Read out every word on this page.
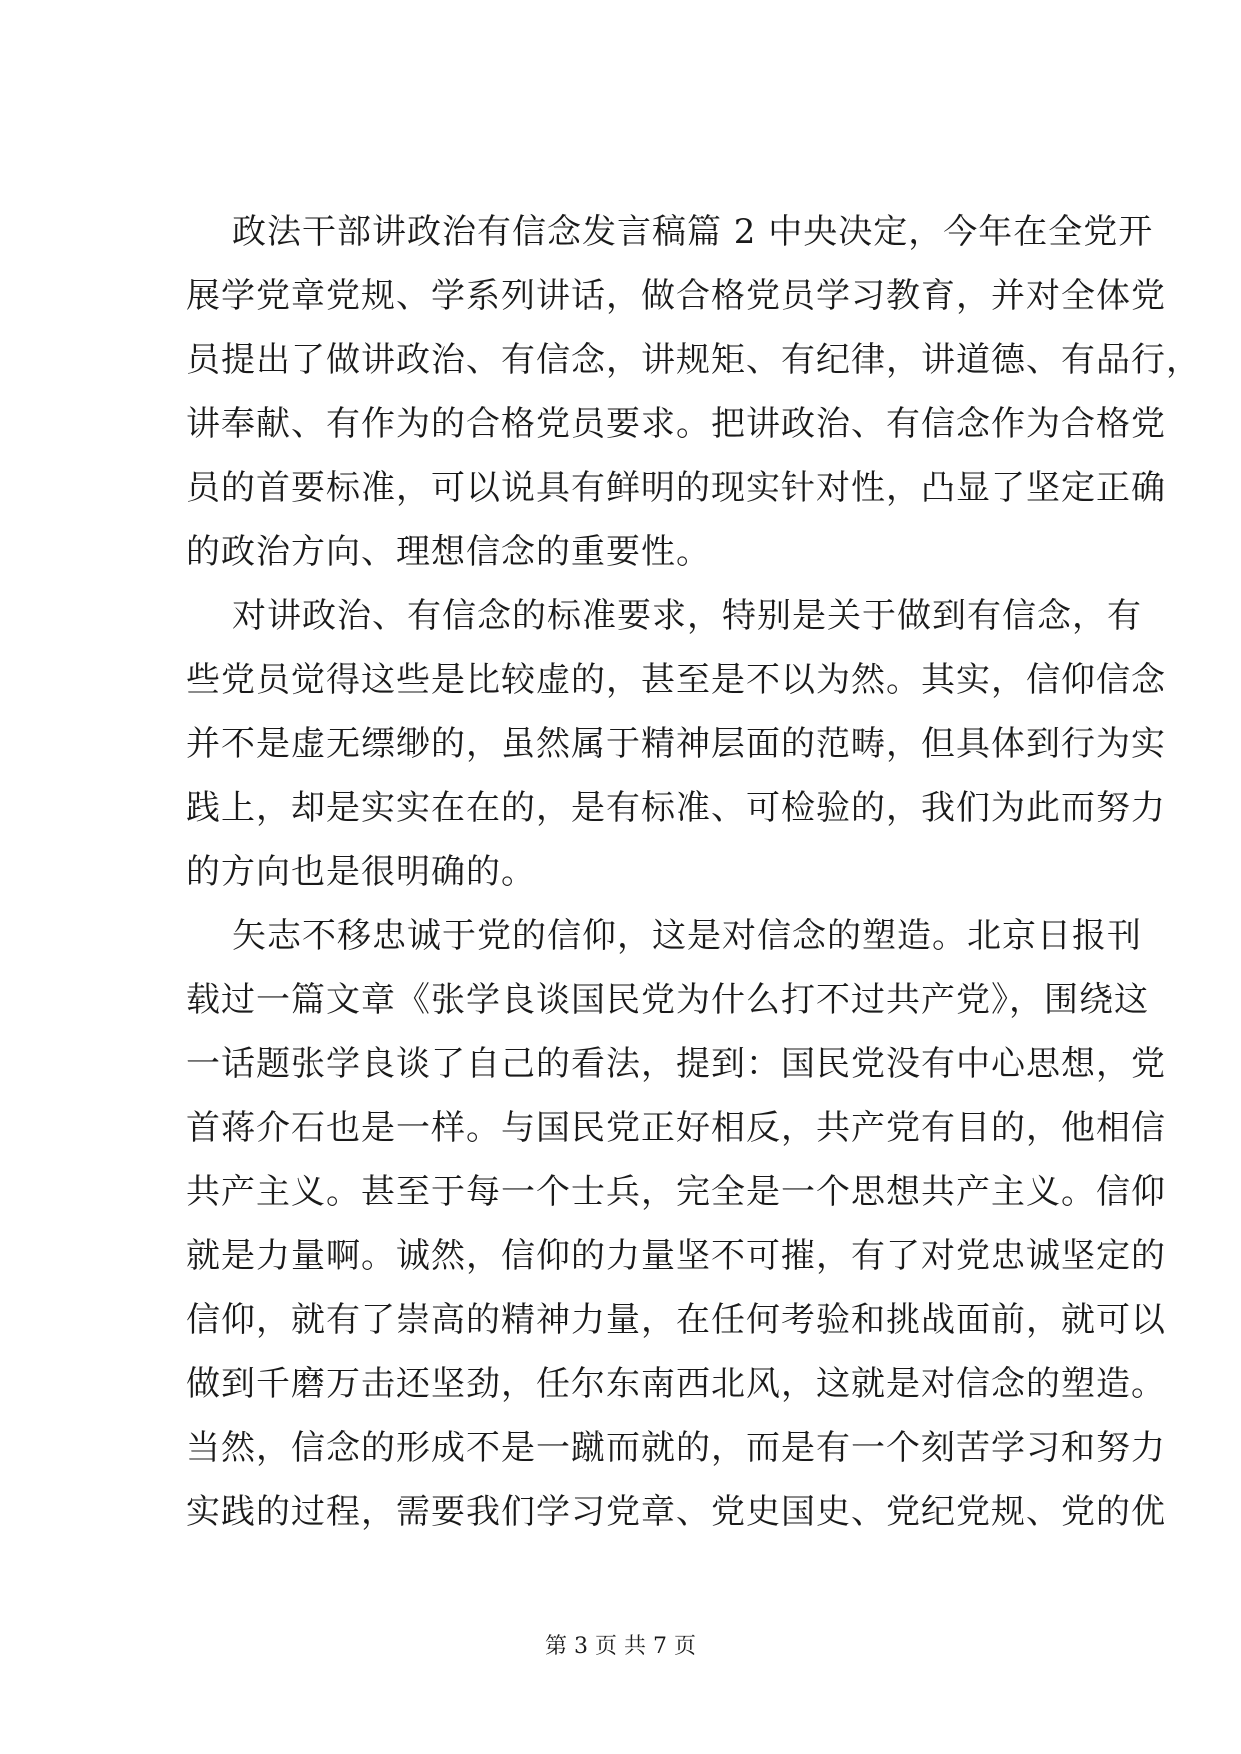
政法干部讲政治有信念发言稿篇 2 中央决定，今年在全党开
展学党章党规、学系列讲话，做合格党员学习教育，并对全体党
员提出了做讲政治、有信念，讲规矩、有纪律，讲道德、有品行，
讲奉献、有作为的合格党员要求。把讲政治、有信念作为合格党
员的首要标准，可以说具有鲜明的现实针对性，凸显了坚定正确
的政治方向、理想信念的重要性。
对讲政治、有信念的标准要求，特别是关于做到有信念，有
些党员觉得这些是比较虚的，甚至是不以为然。其实，信仰信念
并不是虚无缥缈的，虽然属于精神层面的范畴，但具体到行为实
践上，却是实实在在的，是有标准、可检验的，我们为此而努力
的方向也是很明确的。
矢志不移忠诚于党的信仰，这是对信念的塑造。北京日报刊
载过一篇文章《张学良谈国民党为什么打不过共产党》，围绕这
一话题张学良谈了自己的看法，提到：国民党没有中心思想，党
首蒋介石也是一样。与国民党正好相反，共产党有目的，他相信
共产主义。甚至于每一个士兵，完全是一个思想共产主义。信仰
就是力量啊。诚然，信仰的力量坚不可摧，有了对党忠诚坚定的
信仰，就有了崇高的精神力量，在任何考验和挑战面前，就可以
做到千磨万击还坚劲，任尔东南西北风，这就是对信念的塑造。
当然，信念的形成不是一蹴而就的，而是有一个刻苦学习和努力
实践的过程，需要我们学习党章、党史国史、党纪党规、党的优
第 3 页 共 7 页
